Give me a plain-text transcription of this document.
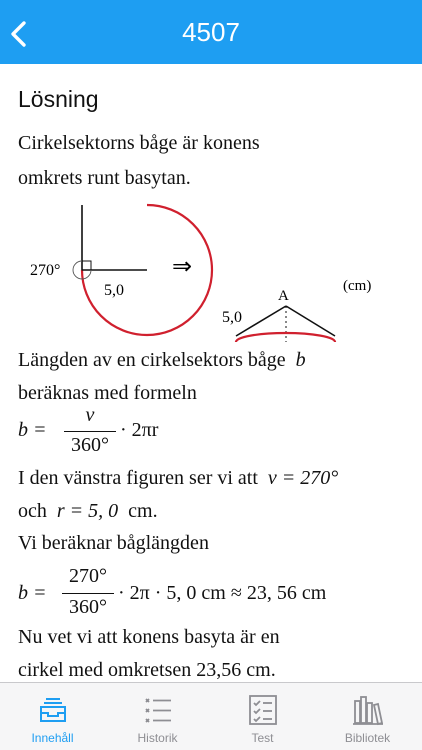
4507
Lösning
Cirkelsektorns båge är konens
omkrets runt basytan.
270°
5,0
⇒
A
5,0
(cm)
Längden av en cirkelsektors båge b
beräknas med formeln
b =
v
360°
· 2πr
I den vänstra figuren ser vi att v = 270°
och r = 5, 0 cm.
Vi beräknar båglängden
b =
270°
360°
· 2π · 5, 0 cm ≈ 23, 56 cm
Nu vet vi att konens basyta är en
cirkel med omkretsen 23,56 cm.
Innehåll	Historik	Test	Bibliotek
